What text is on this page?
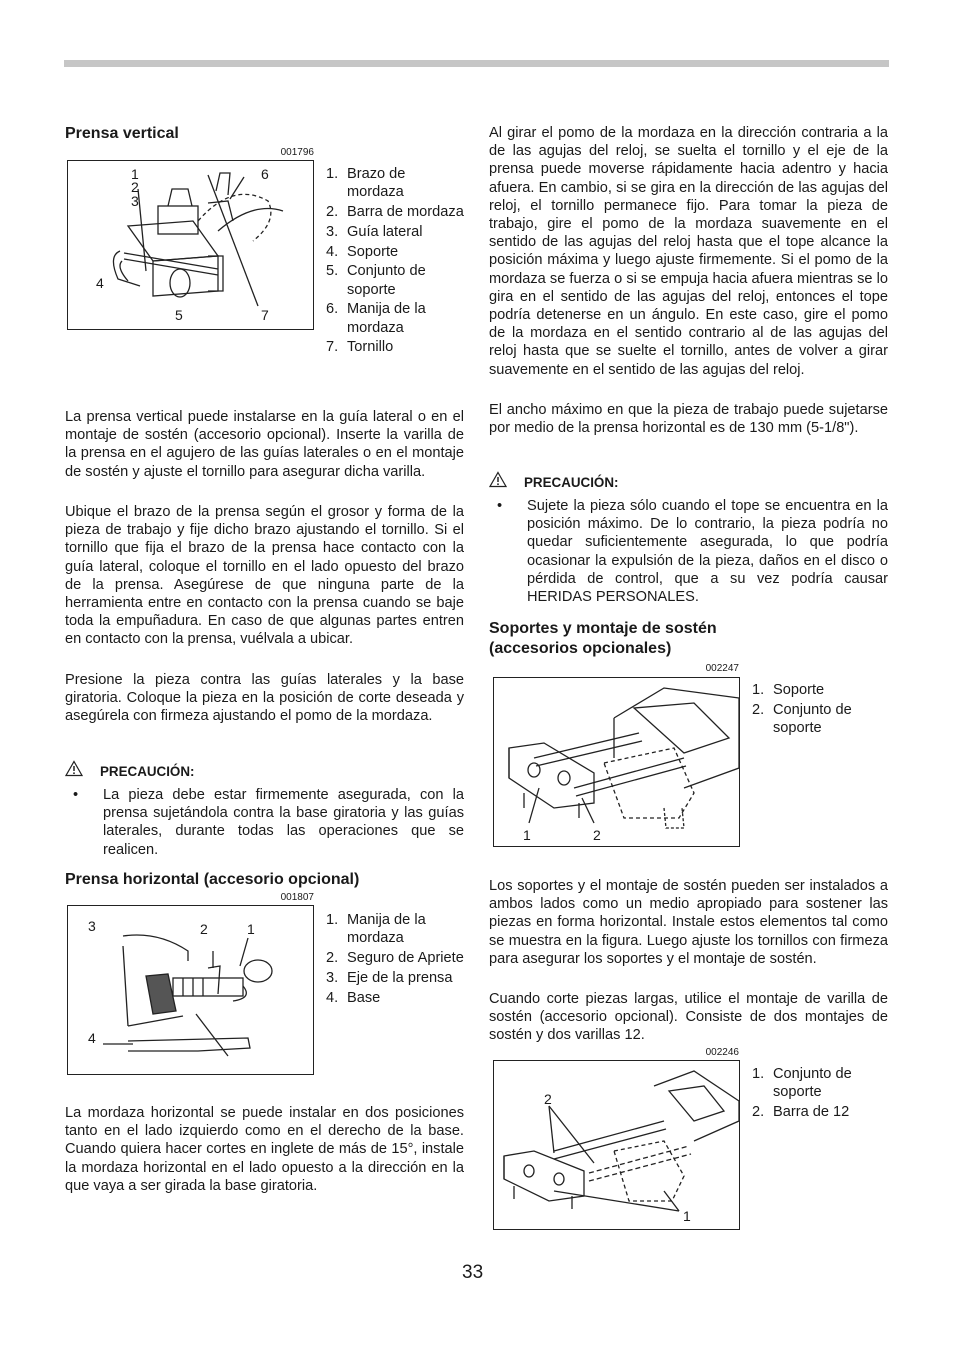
Prensa vertical
001796
1
2
3
4
5
6
7
1. Brazo de mordaza
2. Barra de mordaza
3. Guía lateral
4. Soporte
5. Conjunto de soporte
6. Manija de la mordaza
7. Tornillo

La prensa vertical puede instalarse en la guía lateral o en el montaje de sostén (accesorio opcional). Inserte la varilla de la prensa en el agujero de las guías laterales o en el montaje de sostén y ajuste el tornillo para asegurar dicha varilla.

Ubique el brazo de la prensa según el grosor y forma de la pieza de trabajo y fije dicho brazo ajustando el tornillo. Si el tornillo que fija el brazo de la prensa hace contacto con la guía lateral, coloque el tornillo en el lado opuesto del brazo de la prensa. Asegúrese de que ninguna parte de la herramienta entre en contacto con la prensa cuando se baje toda la empuñadura. En caso de que algunas partes entren en contacto con la prensa, vuélvala a ubicar.

Presione la pieza contra las guías laterales y la base giratoria. Coloque la pieza en la posición de corte deseada y asegúrela con firmeza ajustando el pomo de la mordaza.

PRECAUCIÓN:
• La pieza debe estar firmemente asegurada, con la prensa sujetándola contra la base giratoria y las guías laterales, durante todas las operaciones que se realicen.
Prensa horizontal (accesorio opcional)
001807
3	2	1
4
1. Manija de la mordaza
2. Seguro de Apriete
3. Eje de la prensa
4. Base

La mordaza horizontal se puede instalar en dos posiciones tanto en el lado izquierdo como en el derecho de la base. Cuando quiera hacer cortes en inglete de más de 15°, instale la mordaza horizontal en el lado opuesto a la dirección en la que vaya a ser girada la base giratoria.

Al girar el pomo de la mordaza en la dirección contraria a la de las agujas del reloj, se suelta el tornillo y el eje de la prensa puede moverse rápidamente hacia adentro y hacia afuera. En cambio, si se gira en la dirección de las agujas del reloj, el tornillo permanece fijo. Para tomar la pieza de trabajo, gire el pomo de la mordaza suavemente en el sentido de las agujas del reloj hasta que el tope alcance la posición máxima y luego ajuste firmemente. Si el pomo de la mordaza se fuerza o si se empuja hacia afuera mientras se lo gira en el sentido de las agujas del reloj, entonces el tope podría detenerse en un ángulo. En este caso, gire el pomo de la mordaza en el sentido contrario al de las agujas del reloj hasta que se suelte el tornillo, antes de volver a girar suavemente en el sentido de las agujas del reloj.

El ancho máximo en que la pieza de trabajo puede sujetarse por medio de la prensa horizontal es de 130 mm (5-1/8").

PRECAUCIÓN:
• Sujete la pieza sólo cuando el tope se encuentra en la posición máximo. De lo contrario, la pieza podría no quedar suficientemente asegurada, lo que podría ocasionar la expulsión de la pieza, daños en el disco o pérdida de control, que a su vez podría causar HERIDAS PERSONALES.
Soportes y montaje de sostén
(accesorios opcionales)
002247
1	2
1. Soporte
2. Conjunto de soporte

Los soportes y el montaje de sostén pueden ser instalados a ambos lados como un medio apropiado para sostener las piezas en forma horizontal. Instale estos elementos tal como se muestra en la figura. Luego ajuste los tornillos con firmeza para asegurar los soportes y el montaje de sostén.

Cuando corte piezas largas, utilice el montaje de varilla de sostén (accesorio opcional). Consiste de dos montajes de sostén y dos varillas 12.

002246
2
1
1. Conjunto de soporte
2. Barra de 12
33
